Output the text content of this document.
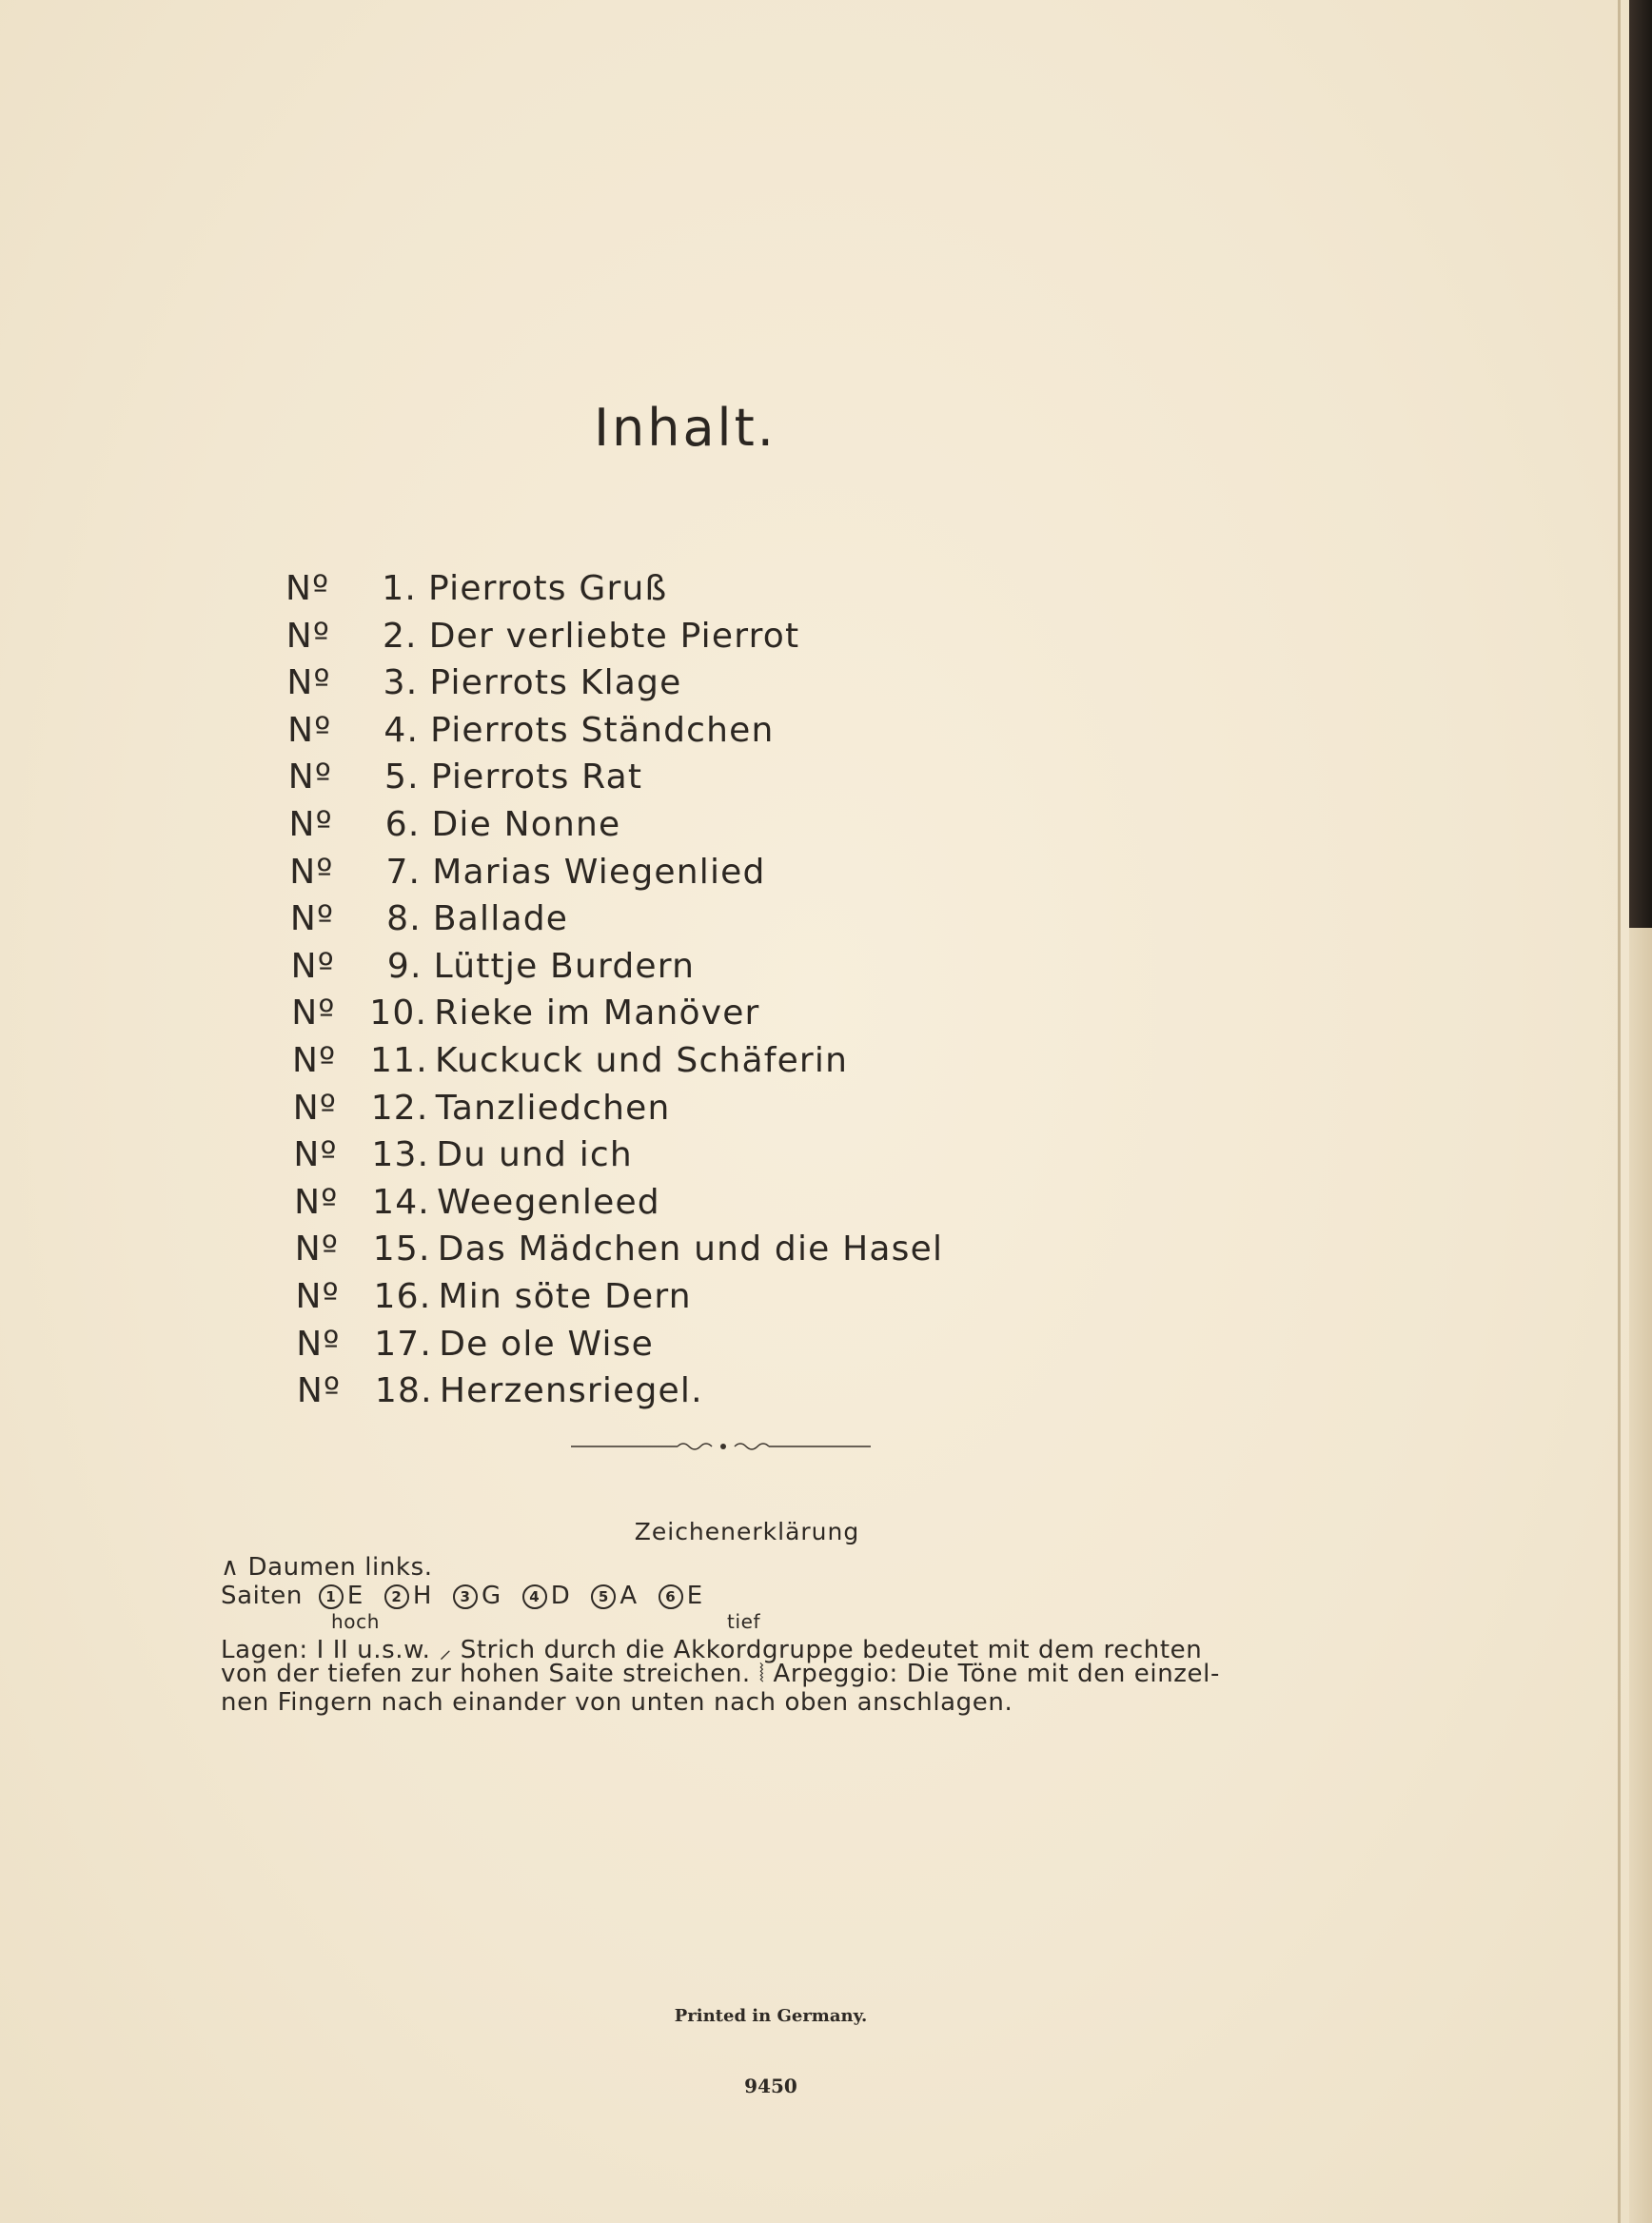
Inhalt.
Nº	1. Pierrots Gruß
Nº	2. Der verliebte Pierrot
Nº	3. Pierrots Klage
Nº	4. Pierrots Ständchen
Nº	5. Pierrots Rat
Nº	6. Die Nonne
Nº	7. Marias Wiegenlied
Nº	8. Ballade
Nº	9. Lüttje Burdern
Nº 10. Rieke im Manöver
Nº 11. Kuckuck und Schäferin
Nº 12. Tanzliedchen
Nº 13. Du und ich
Nº 14. Weegenleed
Nº 15. Das Mädchen und die Hasel
Nº 16. Min söte Dern
Nº 17. De ole Wise
Nº 18. Herzensriegel.
Zeichenerklärung
∧ Daumen links.
Saiten 1 E 2 H 3 G 4 D 5 A 6 E
hoch	tief
Lagen: I II u.s.w. ⸝ Strich durch die Akkordgruppe bedeutet mit dem rechten
von der tiefen zur hohen Saite streichen. ⦚ Arpeggio: Die Töne mit den einzel-
nen Fingern nach einander von unten nach oben anschlagen.
Printed in Germany.
9450
